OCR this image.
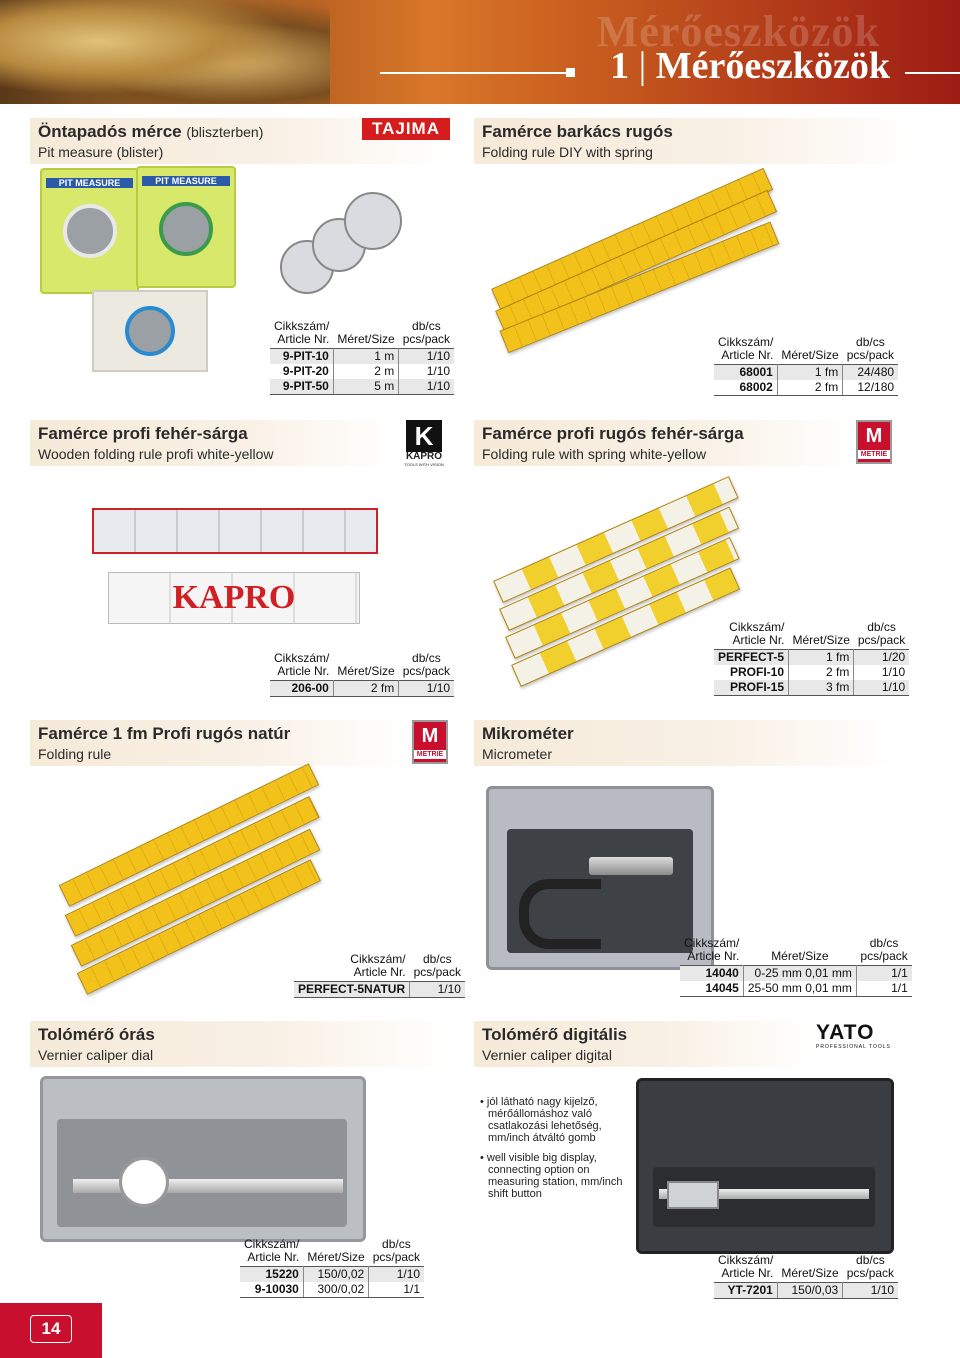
Mérőeszközök
1 | Mérőeszközök
Öntapadós mérce (bliszterben)
Pit measure (blister)
TAJIMA
PIT MEASURE	PIT MEASURE
Cikkszám/
Article Nr.	Méret/Size	db/cs
pcs/pack
9-PIT-10	1 m	1/10
9-PIT-20	2 m	1/10
9-PIT-50	5 m	1/10
Famérce barkács rugós
Folding rule DIY with spring
Cikkszám/
Article Nr.	Méret/Size	db/cs
pcs/pack
68001	1 fm	24/480
68002	2 fm	12/180
Famérce profi fehér-sárga
Wooden folding rule profi white-yellow
K
KAPRO
TOOLS WITH VISION
KAPRO
Cikkszám/
Article Nr.	Méret/Size	db/cs
pcs/pack
206-00	2 fm	1/10
Famérce profi rugós fehér-sárga
Folding rule with spring white-yellow
M
METRIE
Cikkszám/
Article Nr.	Méret/Size	db/cs
pcs/pack
PERFECT-5	1 fm	1/20
PROFI-10	2 fm	1/10
PROFI-15	3 fm	1/10
Famérce 1 fm Profi rugós natúr
Folding rule
M
METRIE
Cikkszám/
Article Nr.	db/cs
pcs/pack
PERFECT-5NATUR	1/10
Mikrométer
Micrometer
Cikkszám/
Article Nr.	Méret/Size	db/cs
pcs/pack
14040	0-25 mm 0,01 mm	1/1
14045	25-50 mm 0,01 mm	1/1
Tolómérő órás
Vernier caliper dial
Cikkszám/
Article Nr.	Méret/Size	db/cs
pcs/pack
15220	150/0,02	1/10
9-10030	300/0,02	1/1
Tolómérő digitális
Vernier caliper digital
YATO
PROFESSIONAL TOOLS
• jól látható nagy kijelző, mérőállomáshoz való csatlakozási lehetőség, mm/inch átváltó gomb
• well visible big display, connecting option on measuring station, mm/inch shift button
Cikkszám/
Article Nr.	Méret/Size	db/cs
pcs/pack
YT-7201	150/0,03	1/10
14
